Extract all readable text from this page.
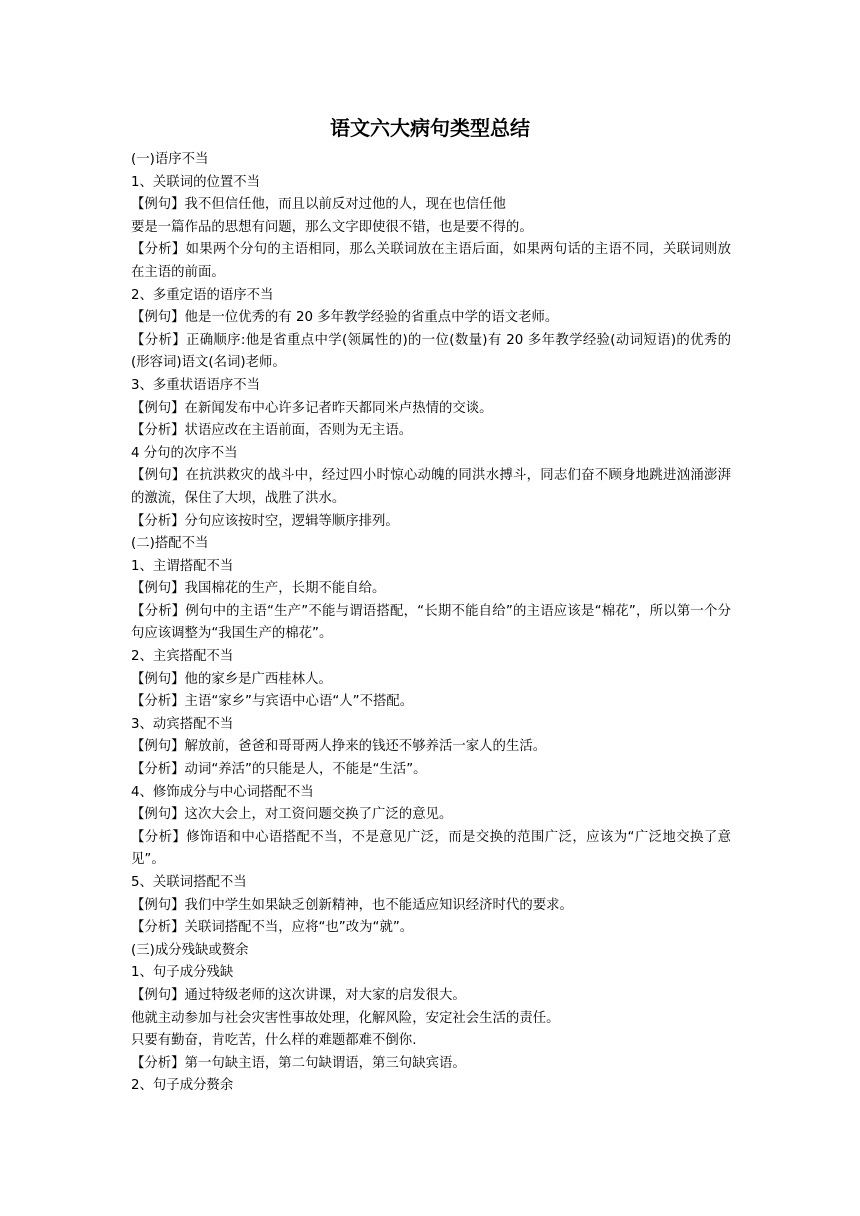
语文六大病句类型总结

(一)语序不当

1、关联词的位置不当

【例句】我不但信任他，而且以前反对过他的人，现在也信任他

要是一篇作品的思想有问题，那么文字即使很不错，也是要不得的。

【分析】如果两个分句的主语相同，那么关联词放在主语后面，如果两句话的主语不同，关联词则放在主语的前面。

2、多重定语的语序不当

【例句】他是一位优秀的有 20 多年教学经验的省重点中学的语文老师。

【分析】正确顺序:他是省重点中学(领属性的)的一位(数量)有 20 多年教学经验(动词短语)的优秀的(形容词)语文(名词)老师。

3、多重状语语序不当

【例句】在新闻发布中心许多记者昨天都同米卢热情的交谈。

【分析】状语应改在主语前面，否则为无主语。

4 分句的次序不当

【例句】在抗洪救灾的战斗中，经过四小时惊心动魄的同洪水搏斗，同志们奋不顾身地跳进汹涌澎湃的激流，保住了大坝，战胜了洪水。

【分析】分句应该按时空，逻辑等顺序排列。

(二)搭配不当

1、主谓搭配不当

【例句】我国棉花的生产，长期不能自给。

【分析】例句中的主语“生产”不能与谓语搭配，“长期不能自给”的主语应该是“棉花”，所以第一个分句应该调整为“我国生产的棉花”。

2、主宾搭配不当

【例句】他的家乡是广西桂林人。

【分析】主语“家乡”与宾语中心语“人”不搭配。

3、动宾搭配不当

【例句】解放前，爸爸和哥哥两人挣来的钱还不够养活一家人的生活。

【分析】动词“养活”的只能是人，不能是“生活”。

4、修饰成分与中心词搭配不当

【例句】这次大会上，对工资问题交换了广泛的意见。

【分析】修饰语和中心语搭配不当，不是意见广泛，而是交换的范围广泛，应该为“广泛地交换了意见”。

5、关联词搭配不当

【例句】我们中学生如果缺乏创新精神，也不能适应知识经济时代的要求。

【分析】关联词搭配不当，应将“也”改为“就”。

(三)成分残缺或赘余

1、句子成分残缺

【例句】通过特级老师的这次讲课，对大家的启发很大。

他就主动参加与社会灾害性事故处理，化解风险，安定社会生活的责任。

只要有勤奋，肯吃苦，什么样的难题都难不倒你.

【分析】第一句缺主语，第二句缺谓语，第三句缺宾语。

2、句子成分赘余
